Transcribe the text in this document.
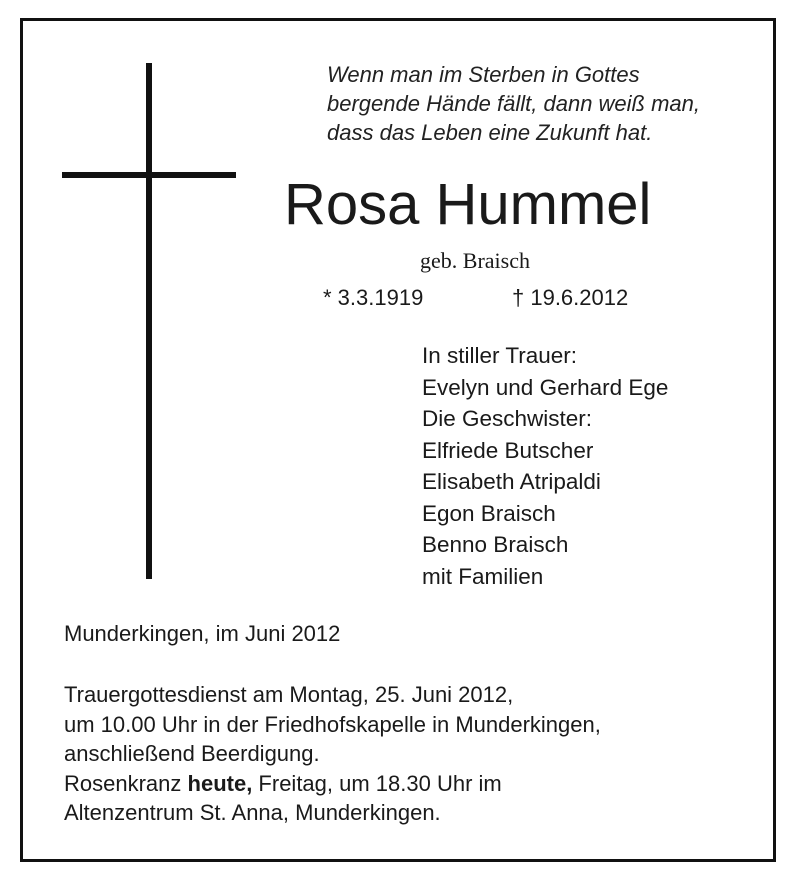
Wenn man im Sterben in Gottes
bergende Hände fällt, dann weiß man,
dass das Leben eine Zukunft hat.
Rosa Hummel
geb. Braisch
* 3.3.1919	† 19.6.2012
In stiller Trauer:
Evelyn und Gerhard Ege
Die Geschwister:
Elfriede Butscher
Elisabeth Atripaldi
Egon Braisch
Benno Braisch
mit Familien
Munderkingen, im Juni 2012
Trauergottesdienst am Montag, 25. Juni 2012,
um 10.00 Uhr in der Friedhofskapelle in Munderkingen,
anschließend Beerdigung.
Rosenkranz heute, Freitag, um 18.30 Uhr im
Altenzentrum St. Anna, Munderkingen.
